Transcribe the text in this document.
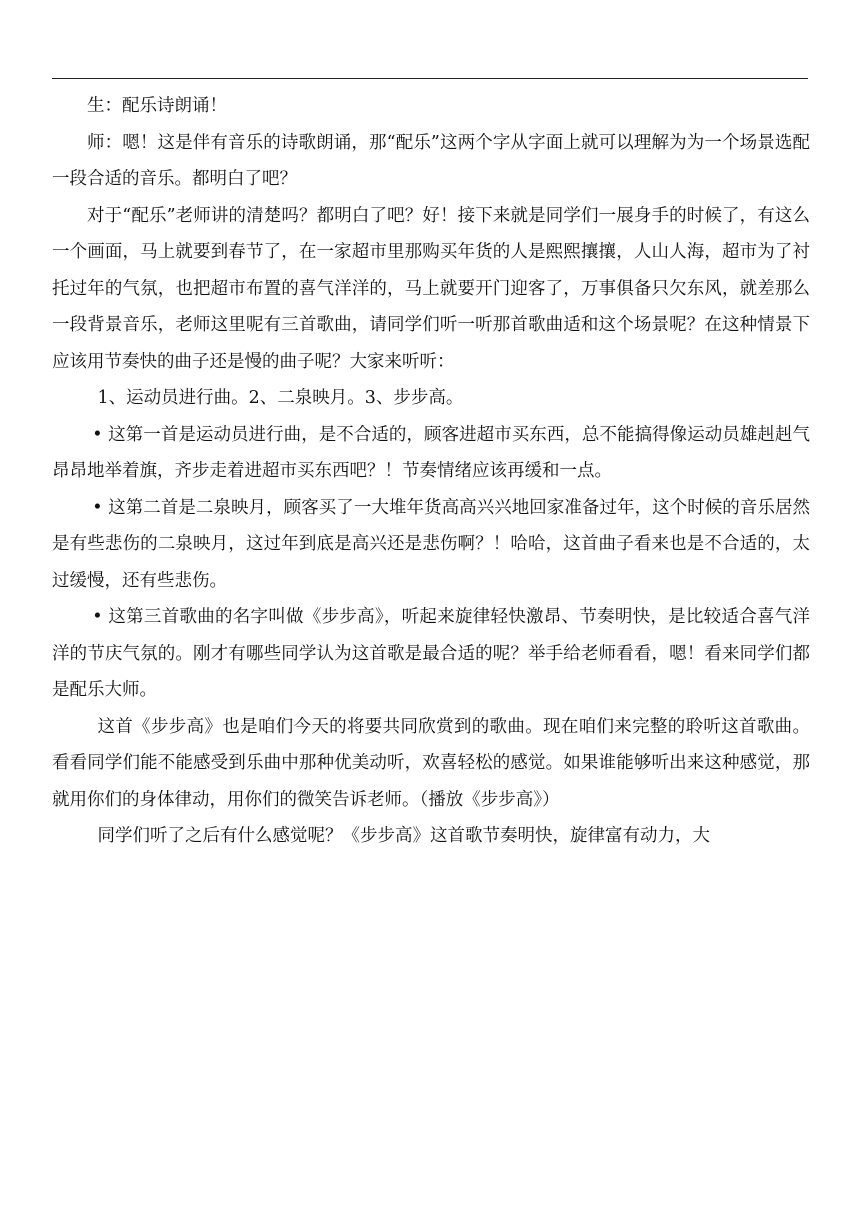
生：配乐诗朗诵！

师：嗯！这是伴有音乐的诗歌朗诵，那“配乐”这两个字从字面上就可以理解为为一个场景选配一段合适的音乐。都明白了吧？

对于“配乐”老师讲的清楚吗？都明白了吧？好！接下来就是同学们一展身手的时候了，有这么一个画面，马上就要到春节了，在一家超市里那购买年货的人是熙熙攘攘，人山人海，超市为了衬托过年的气氛，也把超市布置的喜气洋洋的，马上就要开门迎客了，万事俱备只欠东风，就差那么一段背景音乐，老师这里呢有三首歌曲，请同学们听一听那首歌曲适和这个场景呢？在这种情景下应该用节奏快的曲子还是慢的曲子呢？大家来听听：

1、运动员进行曲。2、二泉映月。3、步步高。

• 这第一首是运动员进行曲，是不合适的，顾客进超市买东西，总不能搞得像运动员雄赳赳气昂昂地举着旗，齐步走着进超市买东西吧？！节奏情绪应该再缓和一点。

• 这第二首是二泉映月，顾客买了一大堆年货高高兴兴地回家准备过年，这个时候的音乐居然是有些悲伤的二泉映月，这过年到底是高兴还是悲伤啊？！哈哈，这首曲子看来也是不合适的，太过缓慢，还有些悲伤。

• 这第三首歌曲的名字叫做《步步高》，听起来旋律轻快激昂、节奏明快，是比较适合喜气洋洋的节庆气氛的。刚才有哪些同学认为这首歌是最合适的呢？举手给老师看看，嗯！看来同学们都是配乐大师。

这首《步步高》也是咱们今天的将要共同欣赏到的歌曲。现在咱们来完整的聆听这首歌曲。看看同学们能不能感受到乐曲中那种优美动听，欢喜轻松的感觉。如果谁能够听出来这种感觉，那就用你们的身体律动，用你们的微笑告诉老师。（播放《步步高》）

同学们听了之后有什么感觉呢？《步步高》这首歌节奏明快，旋律富有动力，大
